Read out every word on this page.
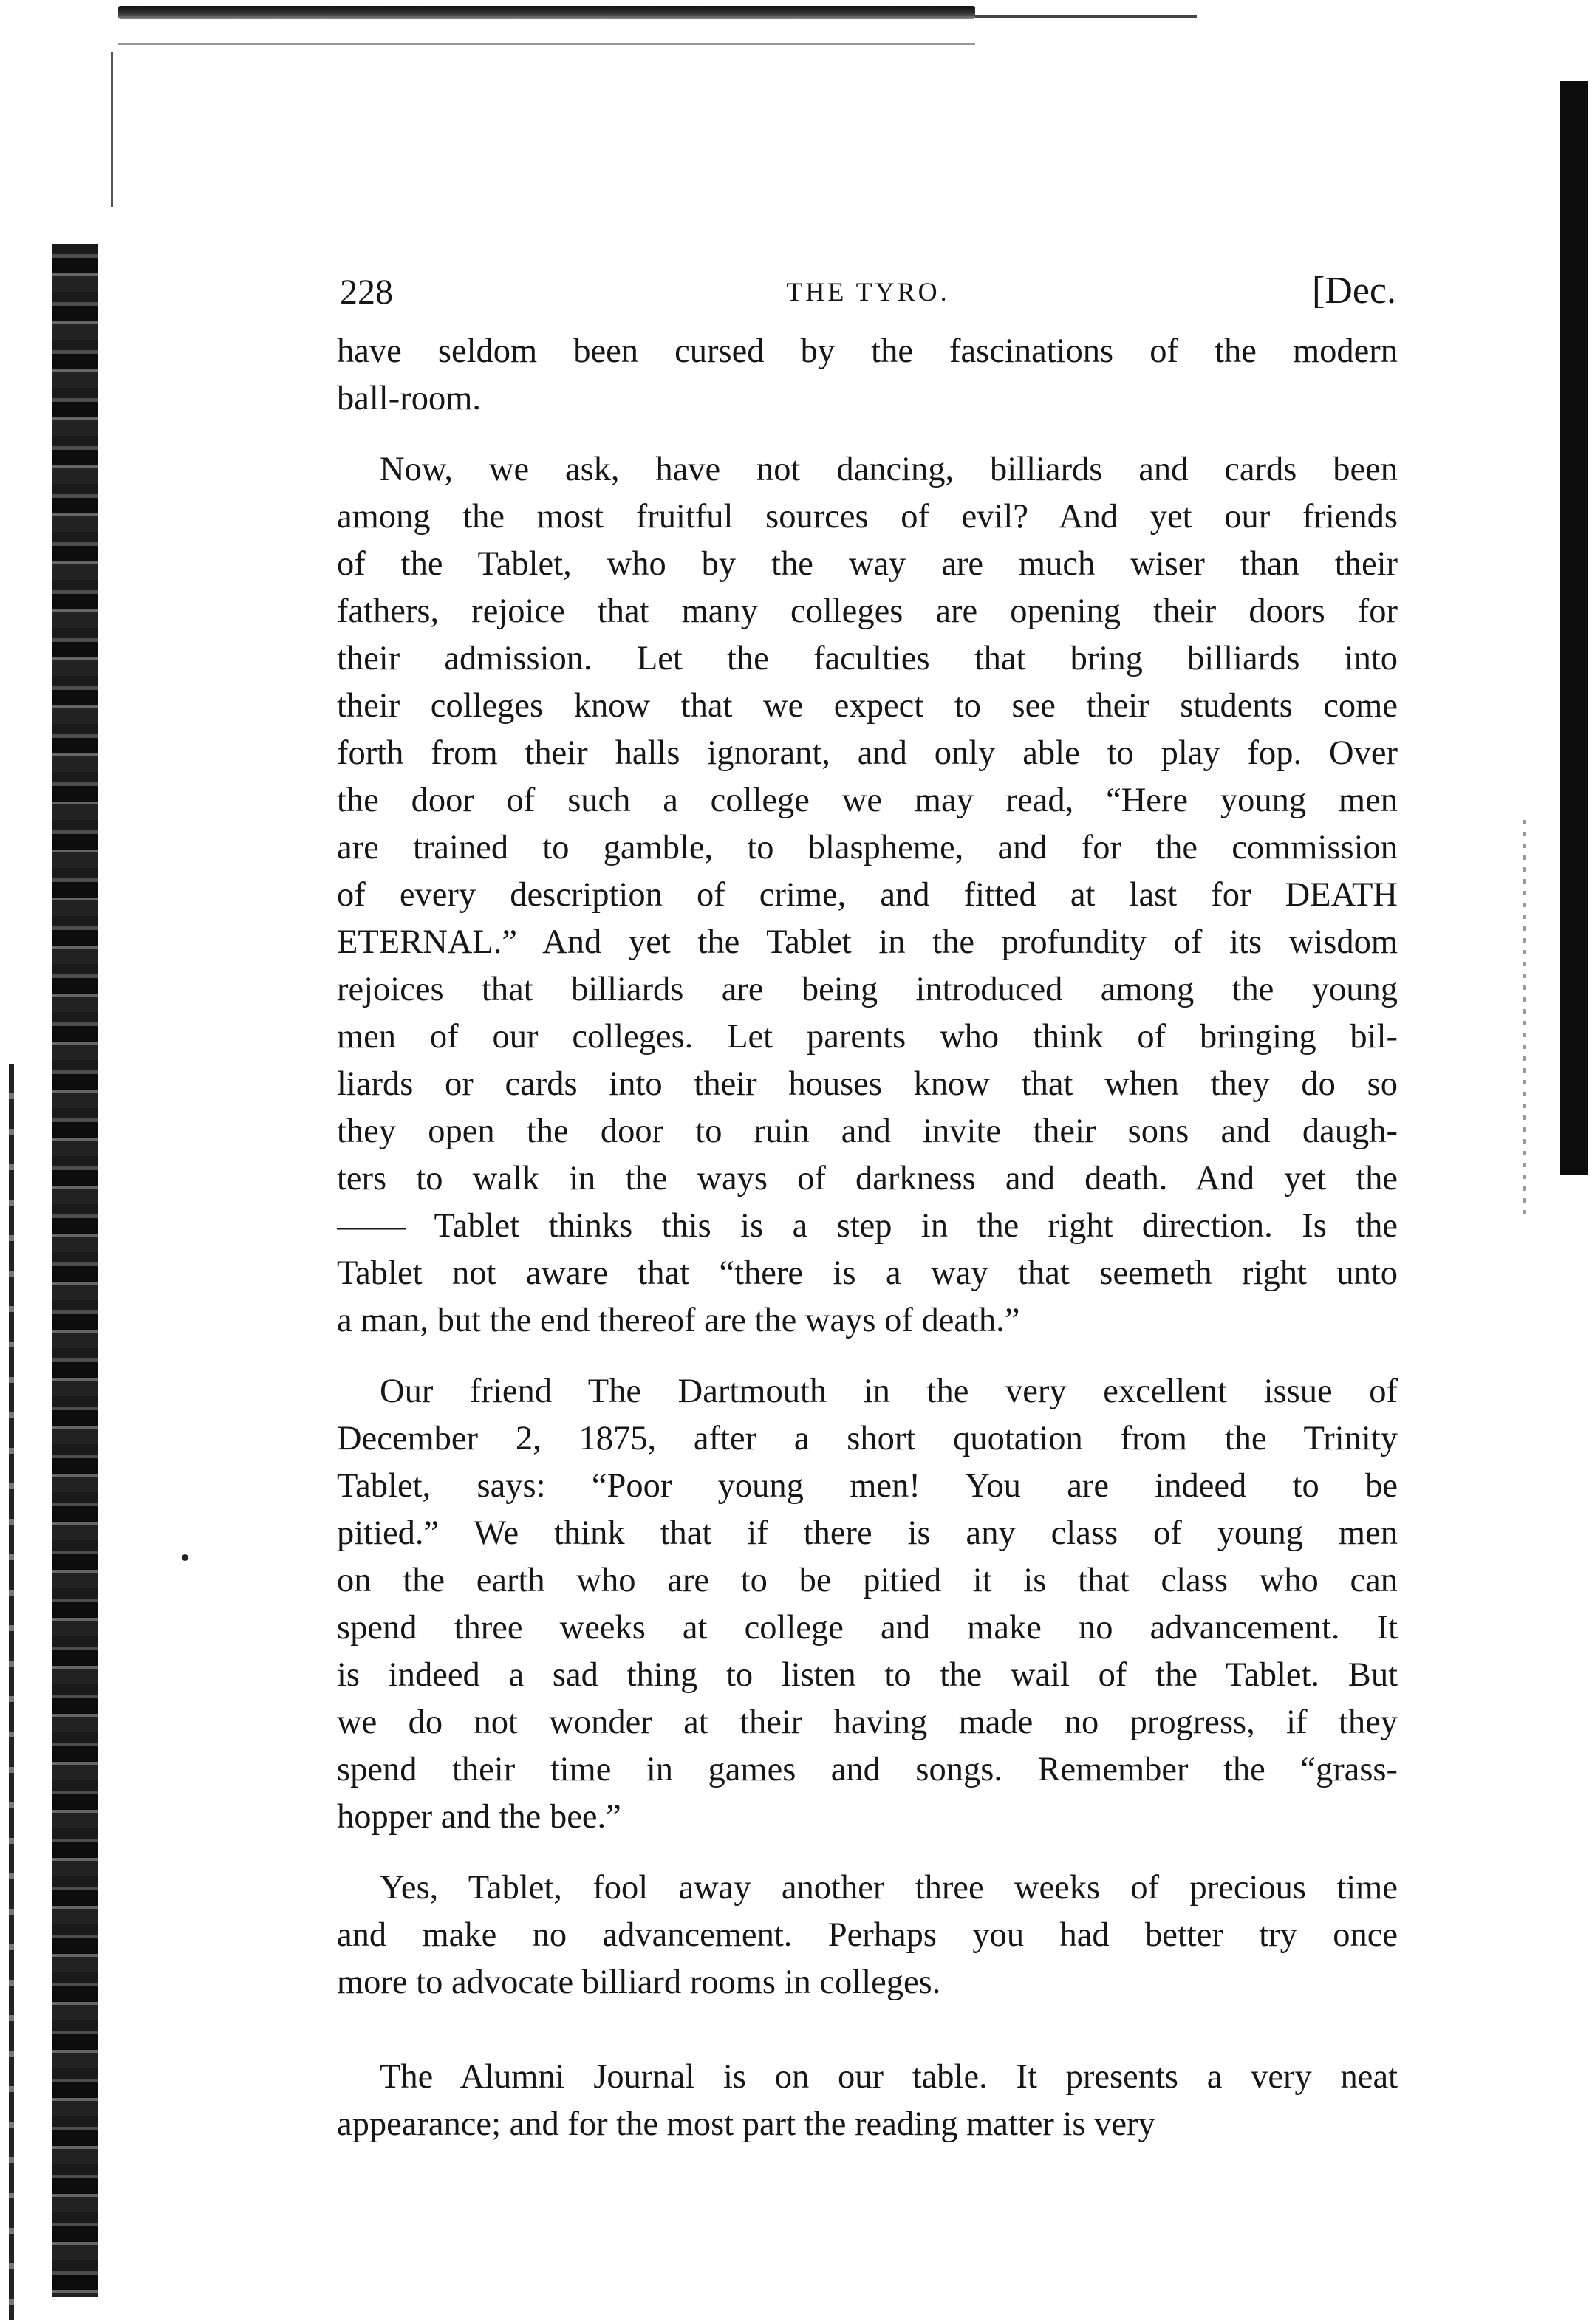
228	THE TYRO.	[Dec.
have seldom been cursed by the fascinations of the modern
ball-room.
Now, we ask, have not dancing, billiards and cards been
among the most fruitful sources of evil? And yet our friends
of the Tablet, who by the way are much wiser than their
fathers, rejoice that many colleges are opening their doors for
their admission. Let the faculties that bring billiards into
their colleges know that we expect to see their students come
forth from their halls ignorant, and only able to play fop. Over
the door of such a college we may read, “Here young men
are trained to gamble, to blaspheme, and for the commission
of every description of crime, and fitted at last for DEATH
ETERNAL.” And yet the Tablet in the profundity of its wisdom
rejoices that billiards are being introduced among the young
men of our colleges. Let parents who think of bringing bil-
liards or cards into their houses know that when they do so
they open the door to ruin and invite their sons and daugh-
ters to walk in the ways of darkness and death. And yet the
—— Tablet thinks this is a step in the right direction. Is the
Tablet not aware that “there is a way that seemeth right unto
a man, but the end thereof are the ways of death.”
Our friend The Dartmouth in the very excellent issue of
December 2, 1875, after a short quotation from the Trinity
Tablet, says: “Poor young men! You are indeed to be
pitied.” We think that if there is any class of young men
on the earth who are to be pitied it is that class who can
spend three weeks at college and make no advancement. It
is indeed a sad thing to listen to the wail of the Tablet. But
we do not wonder at their having made no progress, if they
spend their time in games and songs. Remember the “grass-
hopper and the bee.”
Yes, Tablet, fool away another three weeks of precious time
and make no advancement. Perhaps you had better try once
more to advocate billiard rooms in colleges.
The Alumni Journal is on our table. It presents a very neat
appearance; and for the most part the reading matter is very
